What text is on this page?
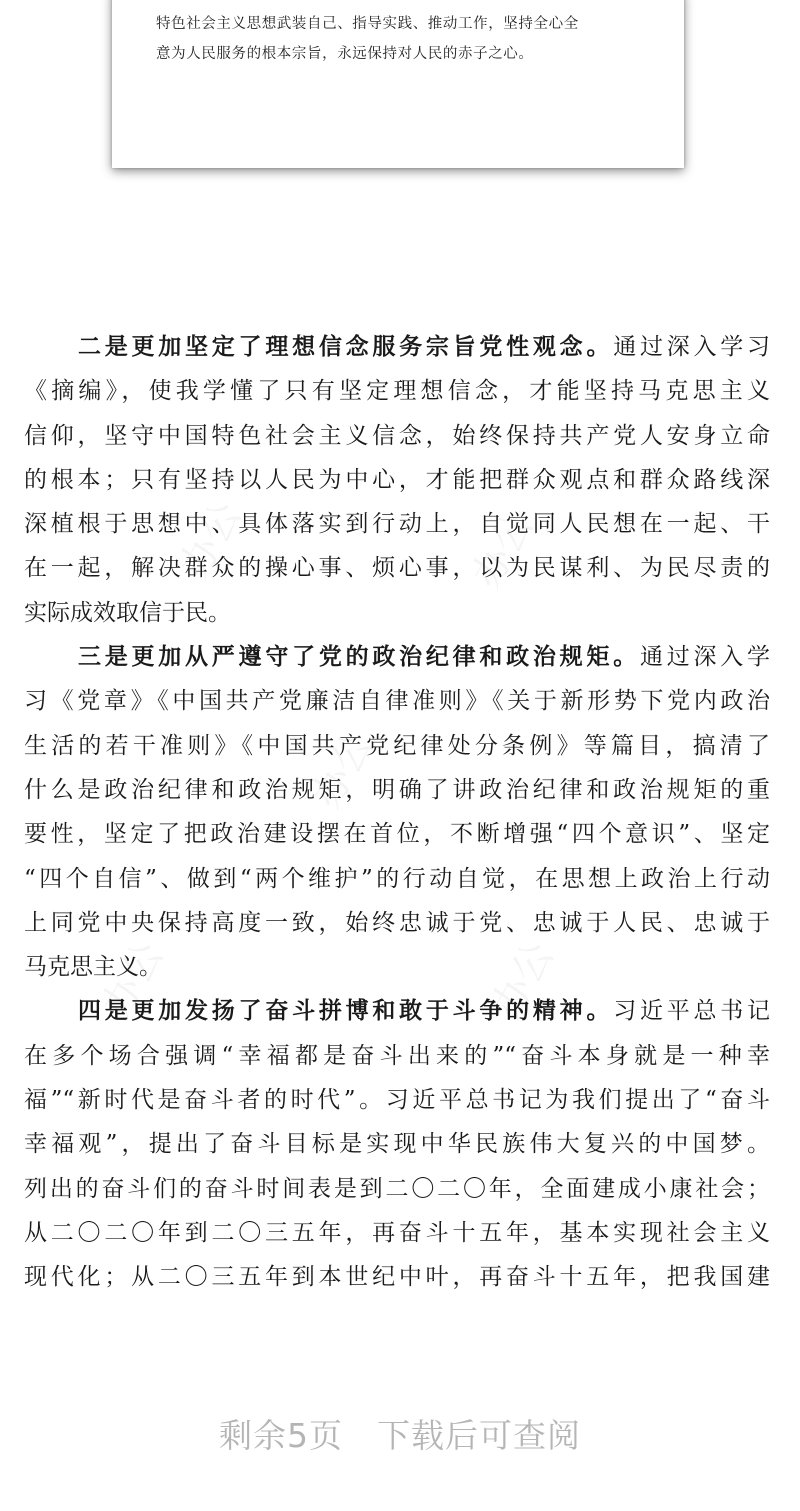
特色社会主义思想武装自己、指导实践、推动工作，坚持全心全
意为人民服务的根本宗旨，永远保持对人民的赤子之心。
二是更加坚定了理想信念服务宗旨党性观念。通过深入学习
《摘编》，使我学懂了只有坚定理想信念，才能坚持马克思主义
信仰，坚守中国特色社会主义信念，始终保持共产党人安身立命
的根本；只有坚持以人民为中心，才能把群众观点和群众路线深
深植根于思想中、具体落实到行动上，自觉同人民想在一起、干
在一起，解决群众的操心事、烦心事，以为民谋利、为民尽责的
实际成效取信于民。
三是更加从严遵守了党的政治纪律和政治规矩。通过深入学
习《党章》《中国共产党廉洁自律准则》《关于新形势下党内政治
生活的若干准则》《中国共产党纪律处分条例》等篇目，搞清了
什么是政治纪律和政治规矩，明确了讲政治纪律和政治规矩的重
要性，坚定了把政治建设摆在首位，不断增强“四个意识”、坚定
“四个自信”、做到“两个维护”的行动自觉，在思想上政治上行动
上同党中央保持高度一致，始终忠诚于党、忠诚于人民、忠诚于
马克思主义。
四是更加发扬了奋斗拼博和敢于斗争的精神。习近平总书记
在多个场合强调“幸福都是奋斗出来的”“奋斗本身就是一种幸
福”“新时代是奋斗者的时代”。习近平总书记为我们提出了“奋斗
幸福观”，提出了奋斗目标是实现中华民族伟大复兴的中国梦。
列出的奋斗们的奋斗时间表是到二〇二〇年，全面建成小康社会；
从二〇二〇年到二〇三五年，再奋斗十五年，基本实现社会主义
现代化；从二〇三五年到本世纪中叶，再奋斗十五年，把我国建
剩余5页 下载后可查阅
